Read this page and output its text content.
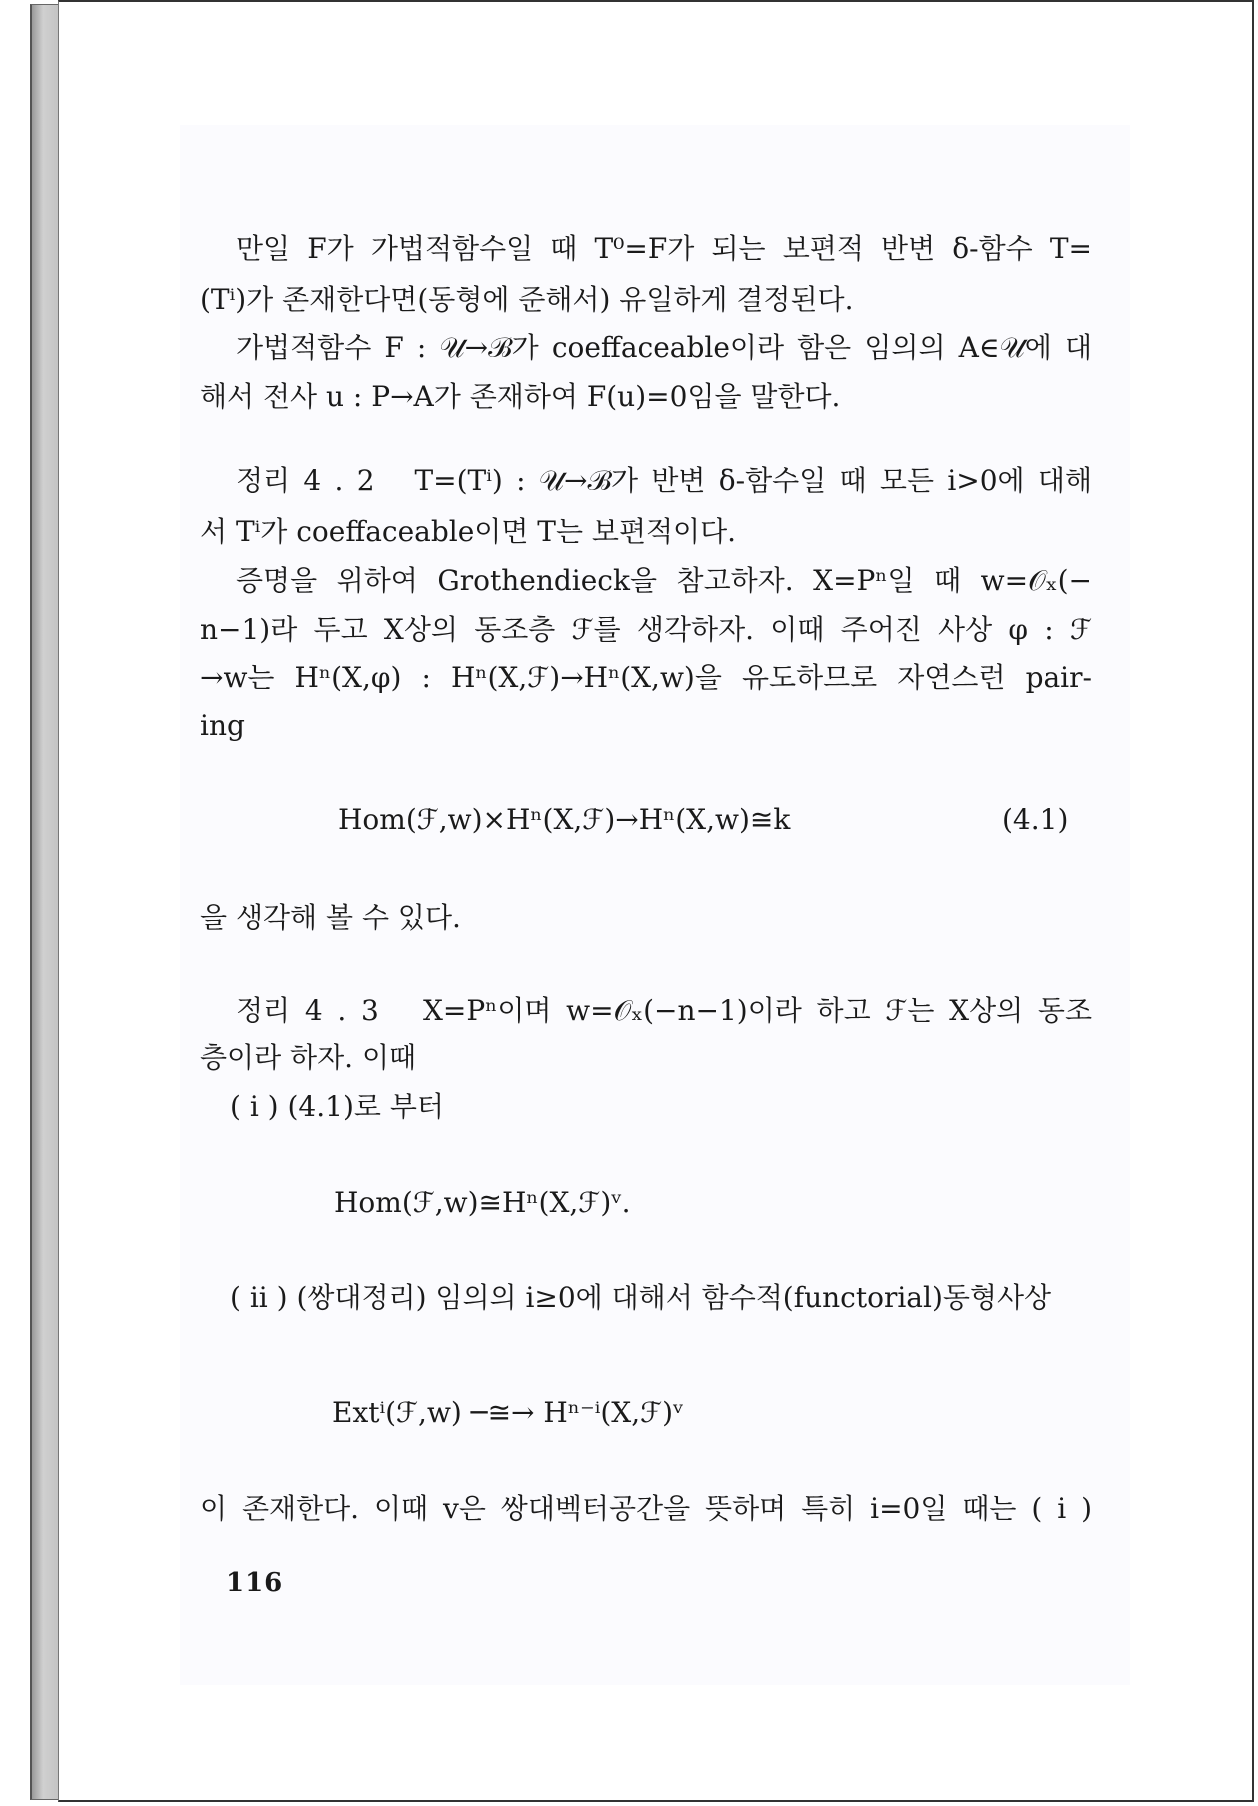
만일 F가 가법적함수일 때 T⁰=F가 되는 보편적 반변 δ-함수 T=
(Tⁱ)가 존재한다면(동형에 준해서) 유일하게 결정된다.
가법적함수 F : 𝒰→ℬ가 coeffaceable이라 함은 임의의 A∈𝒰에 대
해서 전사 u : P→A가 존재하여 F(u)=0임을 말한다.
정리 4 . 2   T=(Tⁱ) : 𝒰→ℬ가 반변 δ-함수일 때 모든 i>0에 대해
서 Tⁱ가 coeffaceable이면 T는 보편적이다.
증명을 위하여 Grothendieck을 참고하자. X=Pⁿ일 때 w=𝒪ₓ(−
n−1)라 두고 X상의 동조층 ℱ를 생각하자. 이때 주어진 사상 φ : ℱ
→w는 Hⁿ(X,φ) : Hⁿ(X,ℱ)→Hⁿ(X,w)을 유도하므로 자연스런 pair-
ing
Hom(ℱ,w)×Hⁿ(X,ℱ)→Hⁿ(X,w)≅k	(4.1)
을 생각해 볼 수 있다.
정리 4 . 3   X=Pⁿ이며 w=𝒪ₓ(−n−1)이라 하고 ℱ는 X상의 동조
층이라 하자. 이때
( i ) (4.1)로 부터
Hom(ℱ,w)≅Hⁿ(X,ℱ)ᵛ.
( ii ) (쌍대정리) 임의의 i≥0에 대해서 함수적(functorial)동형사상
Extⁱ(ℱ,w) ─≅→ Hⁿ⁻ⁱ(X,ℱ)ᵛ
이 존재한다. 이때 v은 쌍대벡터공간을 뜻하며 특히 i=0일 때는 ( i )
116
